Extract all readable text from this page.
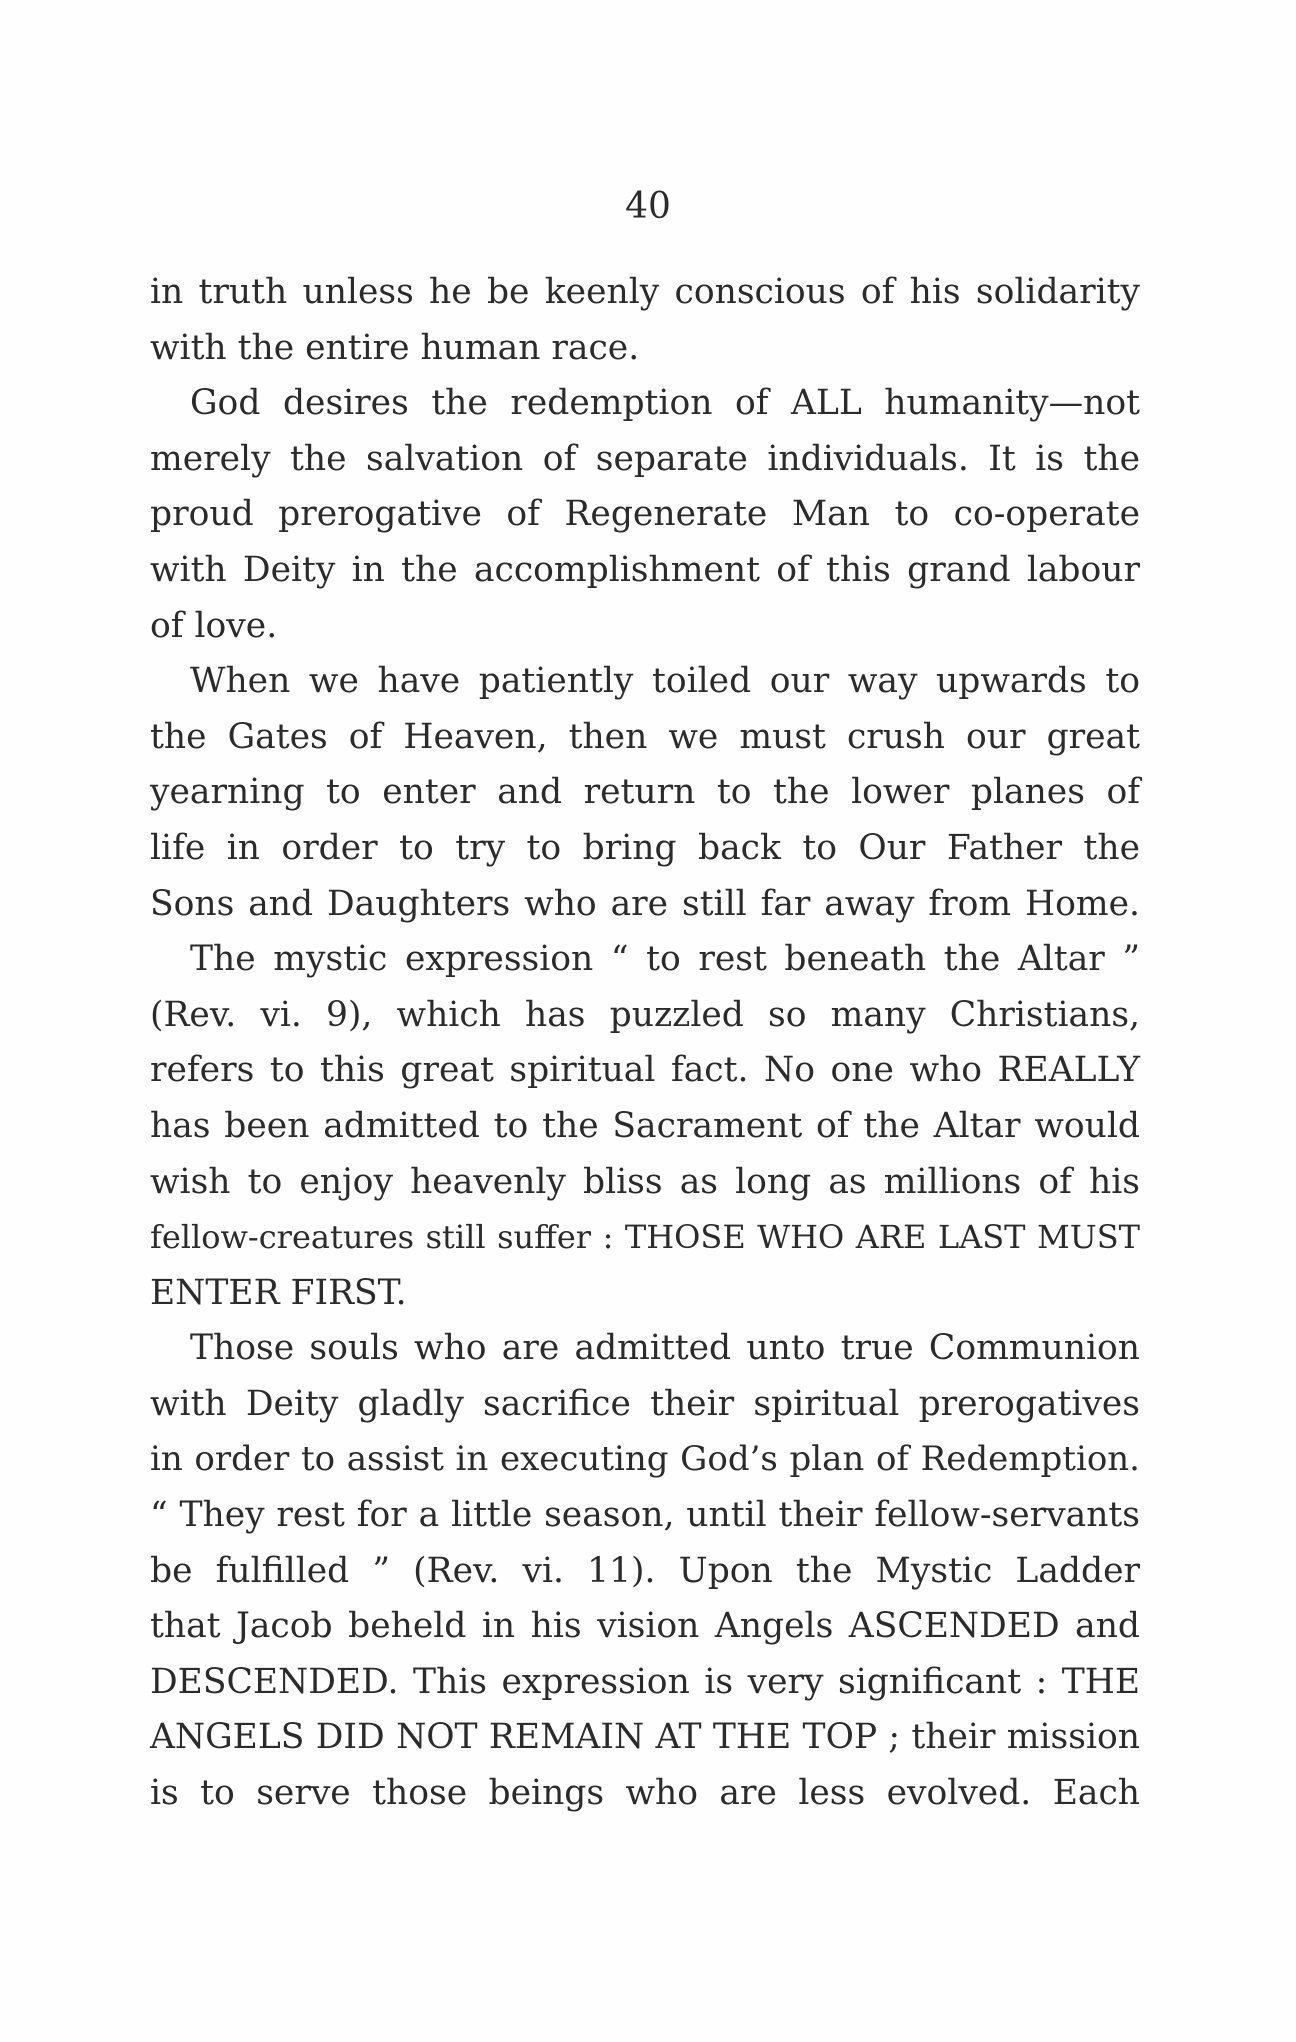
40
in truth unless he be keenly conscious of his solidarity
with the entire human race.
God desires the redemption of ALL humanity—not
merely the salvation of separate individuals. It is the
proud prerogative of Regenerate Man to co-operate
with Deity in the accomplishment of this grand labour
of love.
When we have patiently toiled our way upwards to
the Gates of Heaven, then we must crush our great
yearning to enter and return to the lower planes of
life in order to try to bring back to Our Father the
Sons and Daughters who are still far away from Home.
The mystic expression “ to rest beneath the Altar ”
(Rev. vi. 9), which has puzzled so many Christians,
refers to this great spiritual fact. No one who REALLY
has been admitted to the Sacrament of the Altar would
wish to enjoy heavenly bliss as long as millions of his
fellow-creatures still suffer : THOSE WHO ARE LAST MUST
ENTER FIRST.
Those souls who are admitted unto true Communion
with Deity gladly sacrifice their spiritual prerogatives
in order to assist in executing God’s plan of Redemption.
“ They rest for a little season, until their fellow-servants
be fulfilled ” (Rev. vi. 11). Upon the Mystic Ladder
that Jacob beheld in his vision Angels ASCENDED and
DESCENDED. This expression is very significant : THE
ANGELS DID NOT REMAIN AT THE TOP ; their mission
is to serve those beings who are less evolved. Each
